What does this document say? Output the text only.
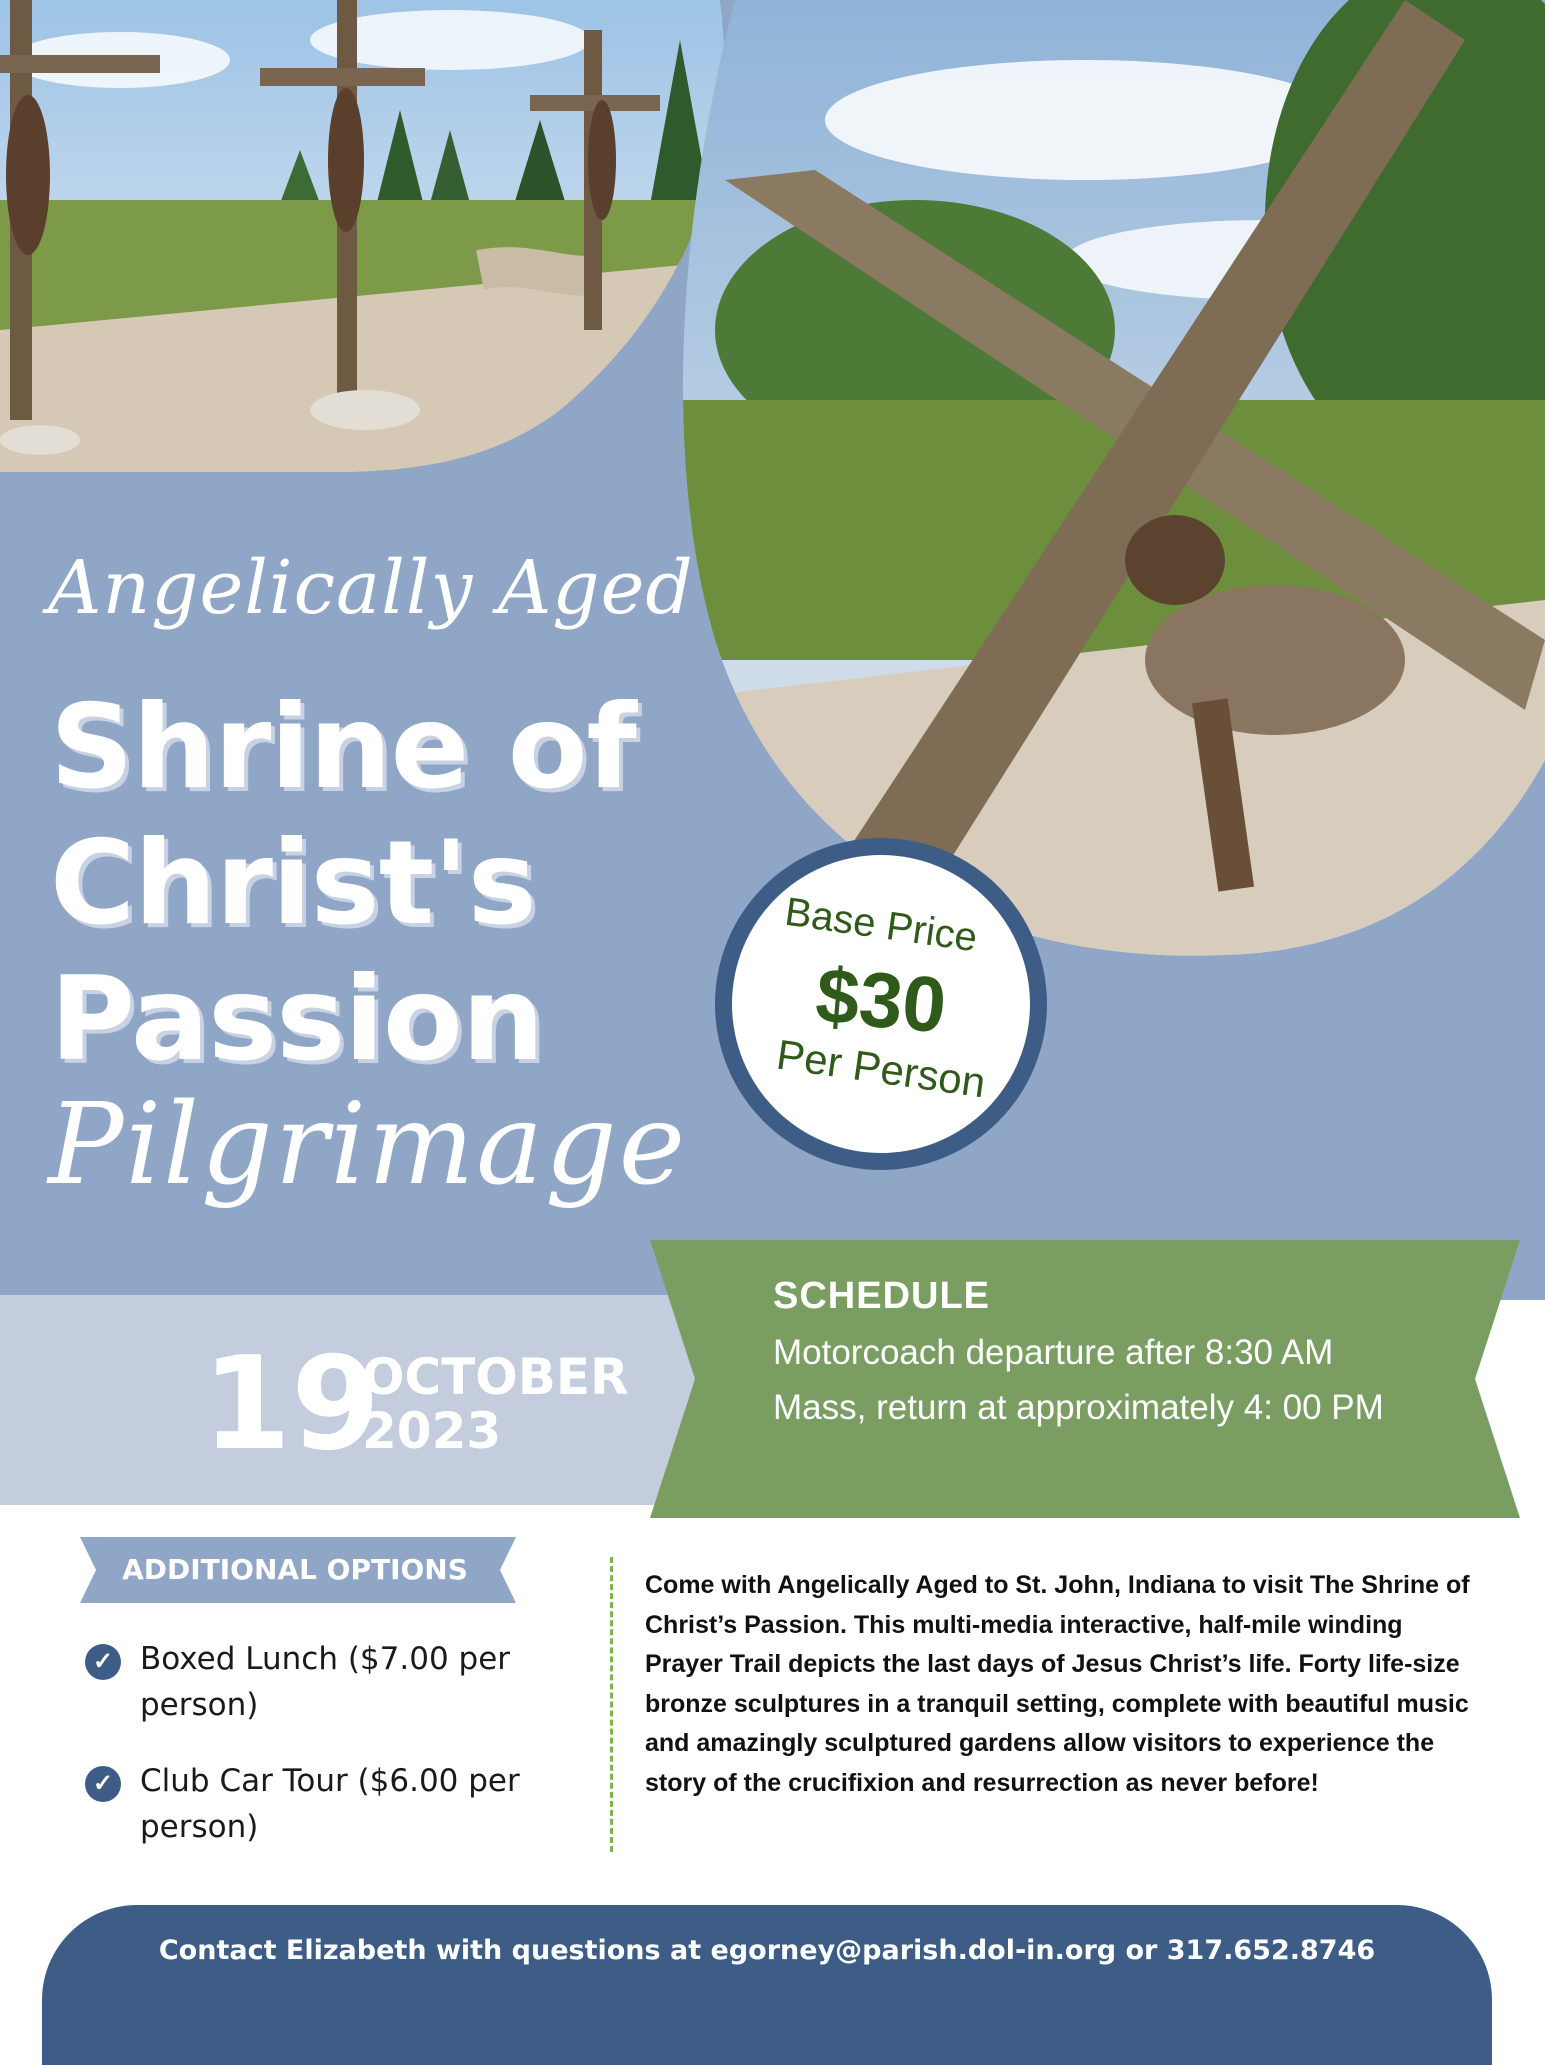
Angelically Aged
Shrine of
Christ's
Passion
Pilgrimage
Base Price
$30
Per Person
19
OCTOBER
2023
SCHEDULE
Motorcoach departure after 8:30 AM
Mass, return at approximately 4: 00 PM
ADDITIONAL OPTIONS
✓ Boxed Lunch ($7.00 per person)
✓ Club Car Tour ($6.00 per person)
Come with Angelically Aged to St. John, Indiana to visit The Shrine of Christ’s Passion. This multi-media interactive, half-mile winding Prayer Trail depicts the last days of Jesus Christ’s life. Forty life-size bronze sculptures in a tranquil setting, complete with beautiful music and amazingly sculptured gardens allow visitors to experience the story of the crucifixion and resurrection as never before!
Contact Elizabeth with questions at egorney@parish.dol-in.org or 317.652.8746
